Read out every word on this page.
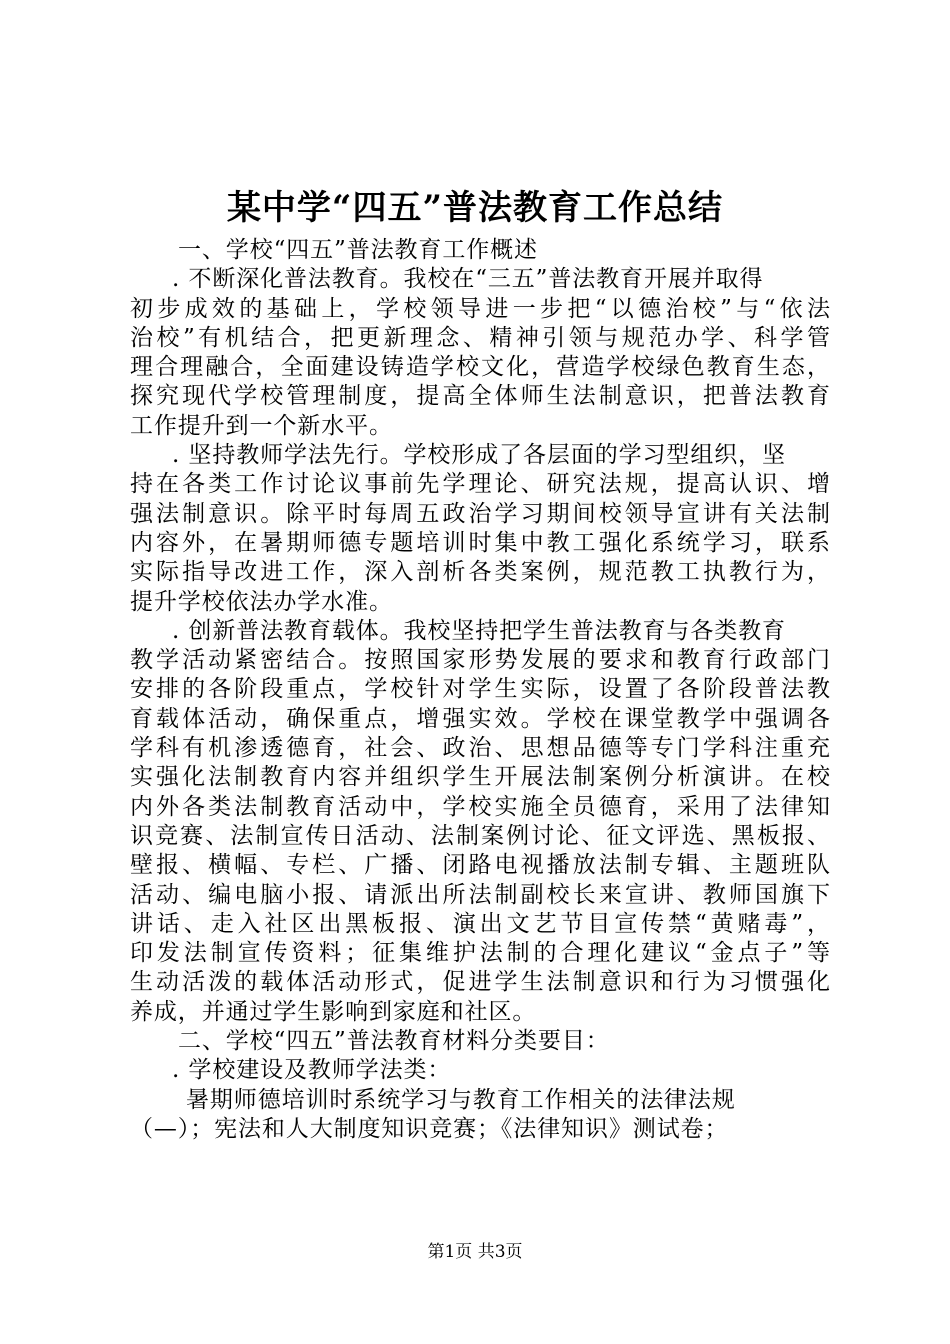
某中学“四五”普法教育工作总结
一、学校“四五”普法教育工作概述
. 不断深化普法教育。我校在“三五”普法教育开展并取得
初步成效的基础上，学校领导进一步把“以德治校”与“依法
治校”有机结合，把更新理念、精神引领与规范办学、科学管
理合理融合，全面建设铸造学校文化，营造学校绿色教育生态，
探究现代学校管理制度，提高全体师生法制意识，把普法教育
工作提升到一个新水平。
. 坚持教师学法先行。学校形成了各层面的学习型组织，坚
持在各类工作讨论议事前先学理论、研究法规，提高认识、增
强法制意识。除平时每周五政治学习期间校领导宣讲有关法制
内容外，在暑期师德专题培训时集中教工强化系统学习，联系
实际指导改进工作，深入剖析各类案例，规范教工执教行为，
提升学校依法办学水准。
. 创新普法教育载体。我校坚持把学生普法教育与各类教育
教学活动紧密结合。按照国家形势发展的要求和教育行政部门
安排的各阶段重点，学校针对学生实际，设置了各阶段普法教
育载体活动，确保重点，增强实效。学校在课堂教学中强调各
学科有机渗透德育，社会、政治、思想品德等专门学科注重充
实强化法制教育内容并组织学生开展法制案例分析演讲。在校
内外各类法制教育活动中，学校实施全员德育，采用了法律知
识竞赛、法制宣传日活动、法制案例讨论、征文评选、黑板报、
壁报、横幅、专栏、广播、闭路电视播放法制专辑、主题班队
活动、编电脑小报、请派出所法制副校长来宣讲、教师国旗下
讲话、走入社区出黑板报、演出文艺节目宣传禁“黄赌毒”，
印发法制宣传资料；征集维护法制的合理化建议“金点子”等
生动活泼的载体活动形式，促进学生法制意识和行为习惯强化
养成，并通过学生影响到家庭和社区。
二、学校“四五”普法教育材料分类要目：
. 学校建设及教师学法类：
暑期师德培训时系统学习与教育工作相关的法律法规
（—）；宪法和人大制度知识竞赛；《法律知识》测试卷；
第1页 共3页
